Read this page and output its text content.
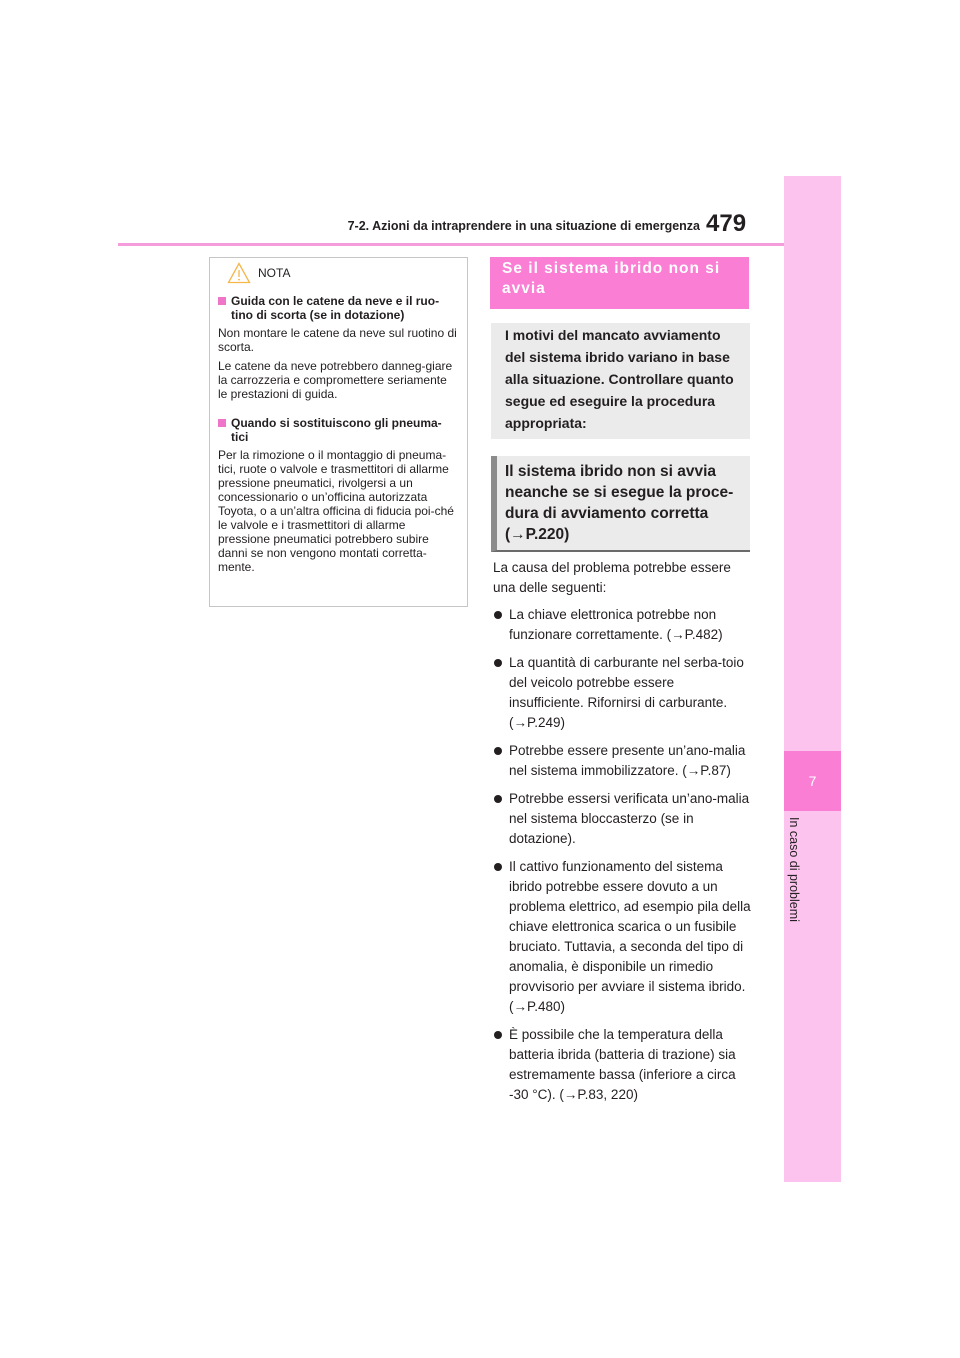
7
In caso di problemi
7-2. Azioni da intraprendere in una situazione di emergenza 479
NOTA
Guida con le catene da neve e il ruo-tino di scorta (se in dotazione)

Non montare le catene da neve sul ruotino di scorta.

Le catene da neve potrebbero danneg-giare la carrozzeria e compromettere seriamente le prestazioni di guida.

Quando si sostituiscono gli pneuma-tici

Per la rimozione o il montaggio di pneuma-tici, ruote o valvole e trasmettitori di allarme pressione pneumatici, rivolgersi a un concessionario o un’officina autorizzata Toyota, o a un’altra officina di fiducia poi-ché le valvole e i trasmettitori di allarme pressione pneumatici potrebbero subire danni se non vengono montati corretta-mente.

Se il sistema ibrido non si avvia
I motivi del mancato avviamento del sistema ibrido variano in base alla situazione. Controllare quanto segue ed eseguire la procedura appropriata:
Il sistema ibrido non si avvia neanche se si esegue la proce-dura di avviamento corretta (→P.220)

La causa del problema potrebbe essere una delle seguenti:

La chiave elettronica potrebbe non funzionare correttamente. (→P.482)
La quantità di carburante nel serba-toio del veicolo potrebbe essere insufficiente. Rifornirsi di carburante. (→P.249)
Potrebbe essere presente un’ano-malia nel sistema immobilizzatore. (→P.87)
Potrebbe essersi verificata un’ano-malia nel sistema bloccasterzo (se in dotazione).
Il cattivo funzionamento del sistema ibrido potrebbe essere dovuto a un problema elettrico, ad esempio pila della chiave elettronica scarica o un fusibile bruciato. Tuttavia, a seconda del tipo di anomalia, è disponibile un rimedio provvisorio per avviare il sistema ibrido. (→P.480)
È possibile che la temperatura della batteria ibrida (batteria di trazione) sia estremamente bassa (inferiore a circa -30 °C). (→P.83, 220)
